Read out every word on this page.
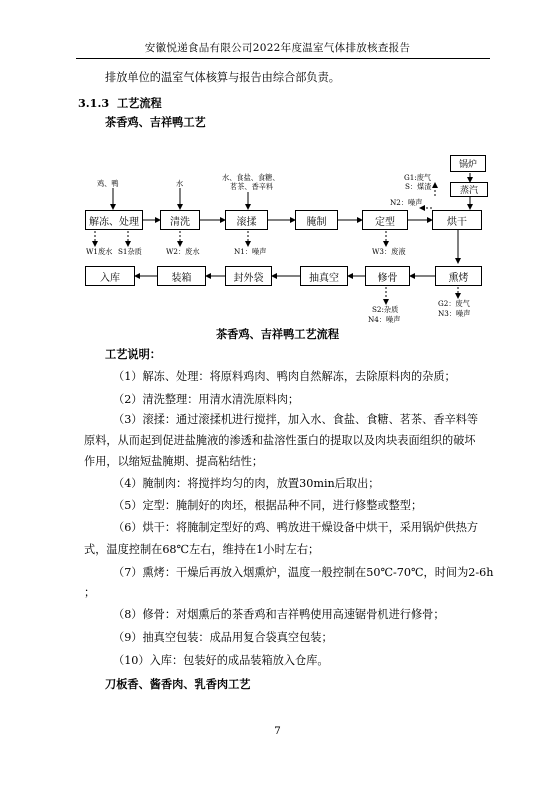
安徽悦递食品有限公司2022年度温室气体排放核查报告
排放单位的温室气体核算与报告由综合部负责。
3.1.3 工艺流程
茶香鸡、吉祥鸭工艺
解冻、处理	清洗	滚揉	腌制	定型	烘干
入库	装箱	封外袋	抽真空	修骨	熏烤
锅炉
蒸汽
鸡、鸭	水
水、食盐、食糖、
茗茶、香辛料
W1废水 S1杂质	W2：废水	N1：噪声	W3：废液
G1:废气
S：煤渣
N2：噪声
S2:杂质
N4：噪声
G2：废气
N3：噪声
茶香鸡、吉祥鸭工艺流程
工艺说明：
（1）解冻、处理：将原料鸡肉、鸭肉自然解冻，去除原料肉的杂质；
（2）清洗整理：用清水清洗原料肉；
（3）滚揉：通过滚揉机进行搅拌，加入水、食盐、食糖、茗茶、香辛料等
原料，从而起到促进盐腌液的渗透和盐溶性蛋白的提取以及肉块表面组织的破坏
作用，以缩短盐腌期、提高粘结性；
（4）腌制肉：将搅拌均匀的肉，放置30min后取出；
（5）定型：腌制好的肉坯，根据品种不同，进行修整或整型；
（6）烘干：将腌制定型好的鸡、鸭放进干燥设备中烘干，采用锅炉供热方
式，温度控制在68℃左右，维持在1小时左右；
（7）熏烤：干燥后再放入烟熏炉，温度一般控制在50℃-70℃，时间为2-6h
；
（8）修骨：对烟熏后的茶香鸡和吉祥鸭使用高速锯骨机进行修骨；
（9）抽真空包装：成品用复合袋真空包装；
（10）入库：包装好的成品装箱放入仓库。
刀板香、酱香肉、乳香肉工艺
7
